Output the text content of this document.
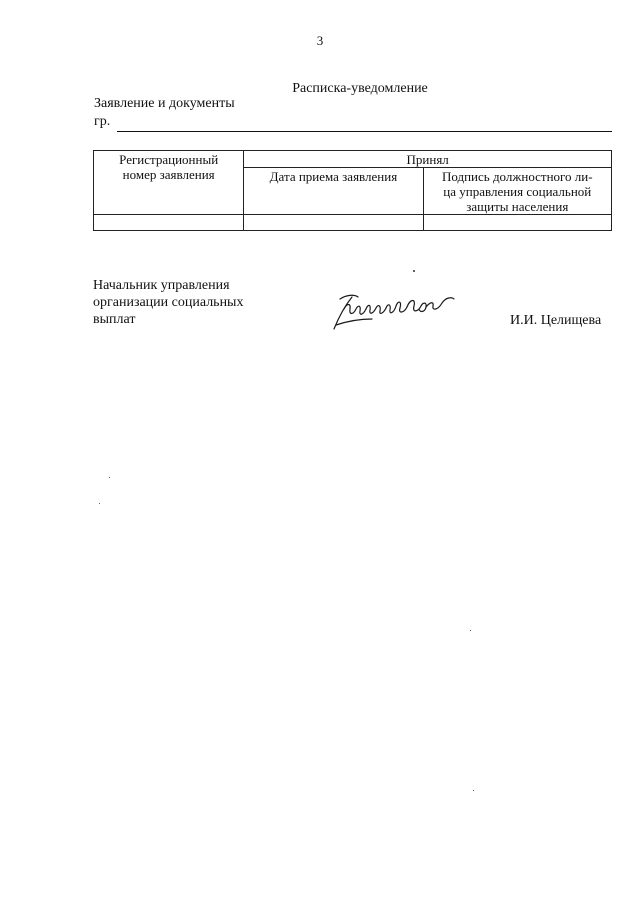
3
Расписка-уведомление
Заявление и документы
гр.
Регистрационный
номер заявления	Принял	
	Дата приема заявления	Подпись должностного ли-
ца управления социальной
защиты населения

Начальник управления
организации социальных
выплат	И.И. Целищева
